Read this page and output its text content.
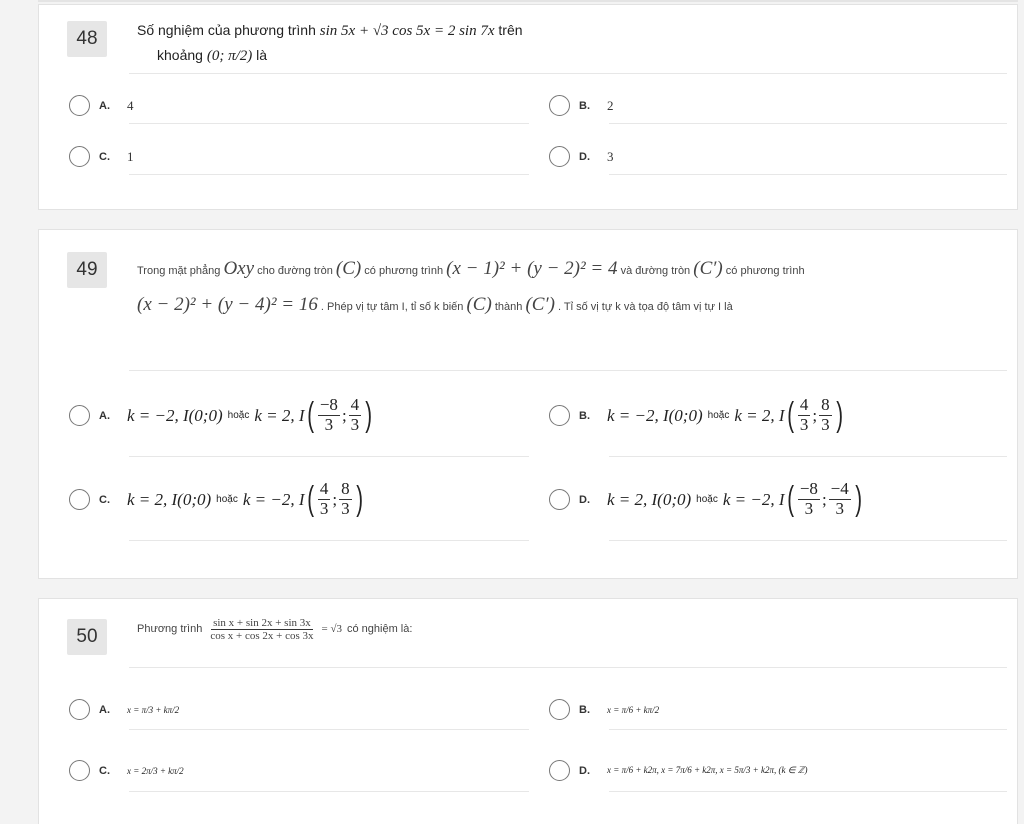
48	Số nghiệm của phương trình sin 5x + √3 cos 5x = 2 sin 7x trên
khoảng (0; π/2) là
A.	4	B.	2
C.	1	D.	3
49	Trong mặt phẳng Oxy cho đường tròn (C) có phương trình (x − 1)² + (y − 2)² = 4 và đường tròn (C′) có phương trình
(x − 2)² + (y − 4)² = 16 . Phép vị tự tâm I, tỉ số k biến (C) thành (C′) . Tỉ số vị tự k và tọa độ tâm vị tự I là
A.	k = −2, I(0;0) hoặc k = 2, I ( $\frac{-8}{3}$ ; $\frac{4}{3}$ )	B.	k = −2, I(0;0) hoặc k = 2, I ( $\frac{4}{3}$ ; $\frac{8}{3}$ )
C.	k = 2, I(0;0) hoặc k = −2, I ( $\frac{4}{3}$ ; $\frac{8}{3}$ )	D.	k = 2, I(0;0) hoặc k = −2, I ( $\frac{-8}{3}$ ; $\frac{-4}{3}$ )
50	Phương trình $\frac{\text{sin x + sin 2x + sin 3x}}{\text{cos x + cos 2x + cos 3x}} = √3$ có nghiệm là:
A.	x = π/3 + kπ/2	B.	x = π/6 + kπ/2
C.	x = 2π/3 + kπ/2	D.	x = π/6 + k2π, x = 7π/6 + k2π, x = 5π/3 + k2π, (k ∈ ℤ)
